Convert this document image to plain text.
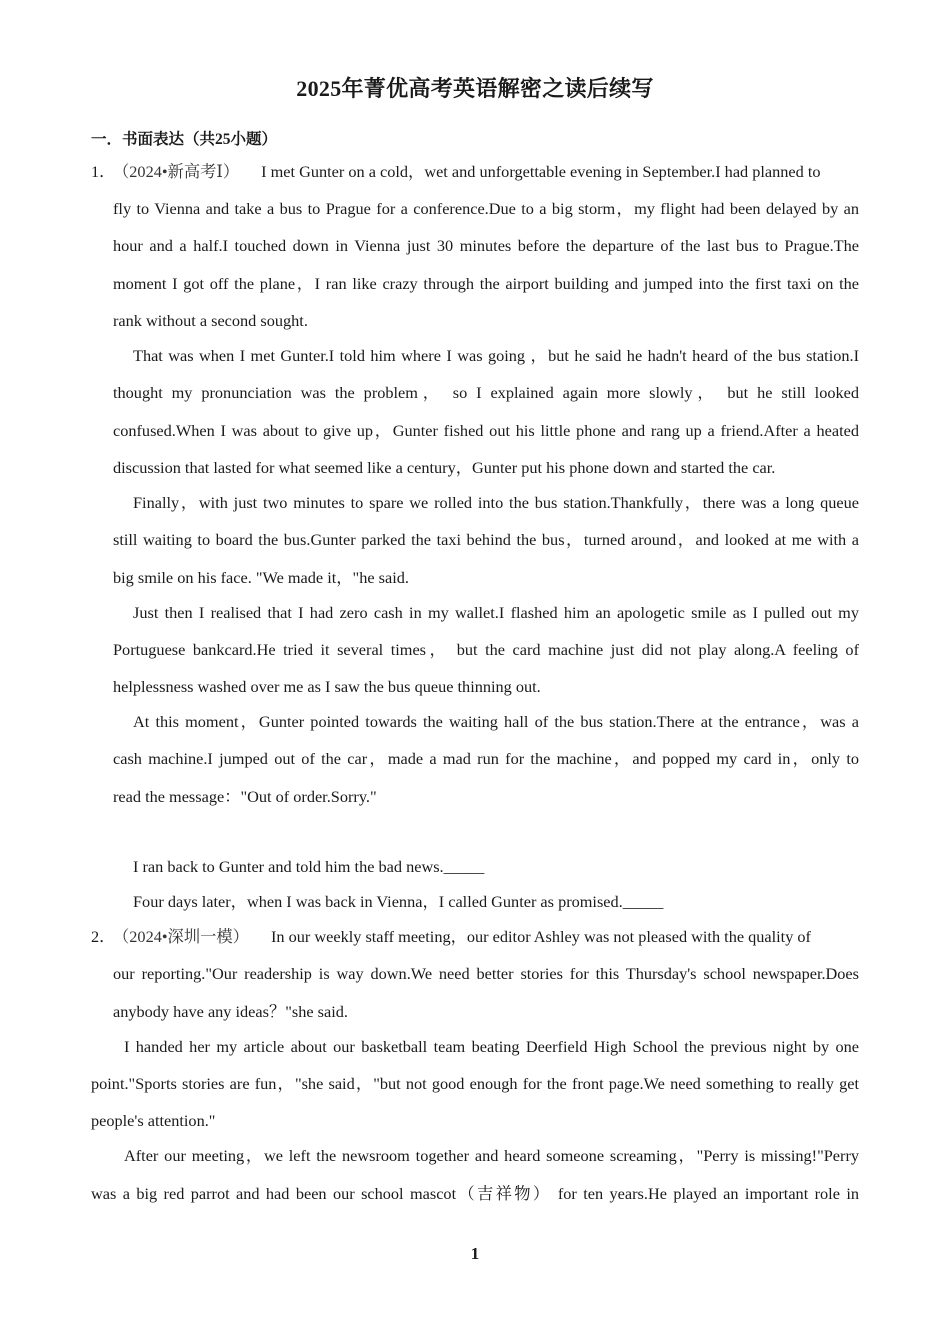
2025年菁优高考英语解密之读后续写
一．书面表达（共25小题）
1．（2024•新高考Ⅰ） I met Gunter on a cold，wet and unforgettable evening in September.I had planned to
fly to Vienna and take a bus to Prague for a conference.Due to a big storm，my flight had been delayed by an
hour and a half.I touched down in Vienna just 30 minutes before the departure of the last bus to Prague.The
moment I got off the plane，I ran like crazy through the airport building and jumped into the first taxi on the
rank without a second sought.
That was when I met Gunter.I told him where I was going ，but he said he hadn't heard of the bus station.I
thought my pronunciation was the problem， so I explained again more slowly， but he still looked
confused.When I was about to give up，Gunter fished out his little phone and rang up a friend.After a heated
discussion that lasted for what seemed like a century，Gunter put his phone down and started the car.
Finally，with just two minutes to spare we rolled into the bus station.Thankfully，there was a long queue
still waiting to board the bus.Gunter parked the taxi behind the bus，turned around，and looked at me with a
big smile on his face. "We made it，"he said.
Just then I realised that I had zero cash in my wallet.I flashed him an apologetic smile as I pulled out my
Portuguese bankcard.He tried it several times， but the card machine just did not play along.A feeling of
helplessness washed over me as I saw the bus queue thinning out.
At this moment，Gunter pointed towards the waiting hall of the bus station.There at the entrance，was a
cash machine.I jumped out of the car，made a mad run for the machine，and popped my card in，only to
read the message："Out of order.Sorry."
I ran back to Gunter and told him the bad news._____
Four days later，when I was back in Vienna，I called Gunter as promised._____
2．（2024•深圳一模） In our weekly staff meeting，our editor Ashley was not pleased with the quality of
our reporting."Our readership is way down.We need better stories for this Thursday's school newspaper.Does
anybody have any ideas？"she said.
I handed her my article about our basketball team beating Deerfield High School the previous night by one
point."Sports stories are fun，"she said，"but not good enough for the front page.We need something to really get
people's attention."
After our meeting，we left the newsroom together and heard someone screaming，"Perry is missing!"Perry
was a big red parrot and had been our school mascot（吉祥物） for ten years.He played an important role in
1
